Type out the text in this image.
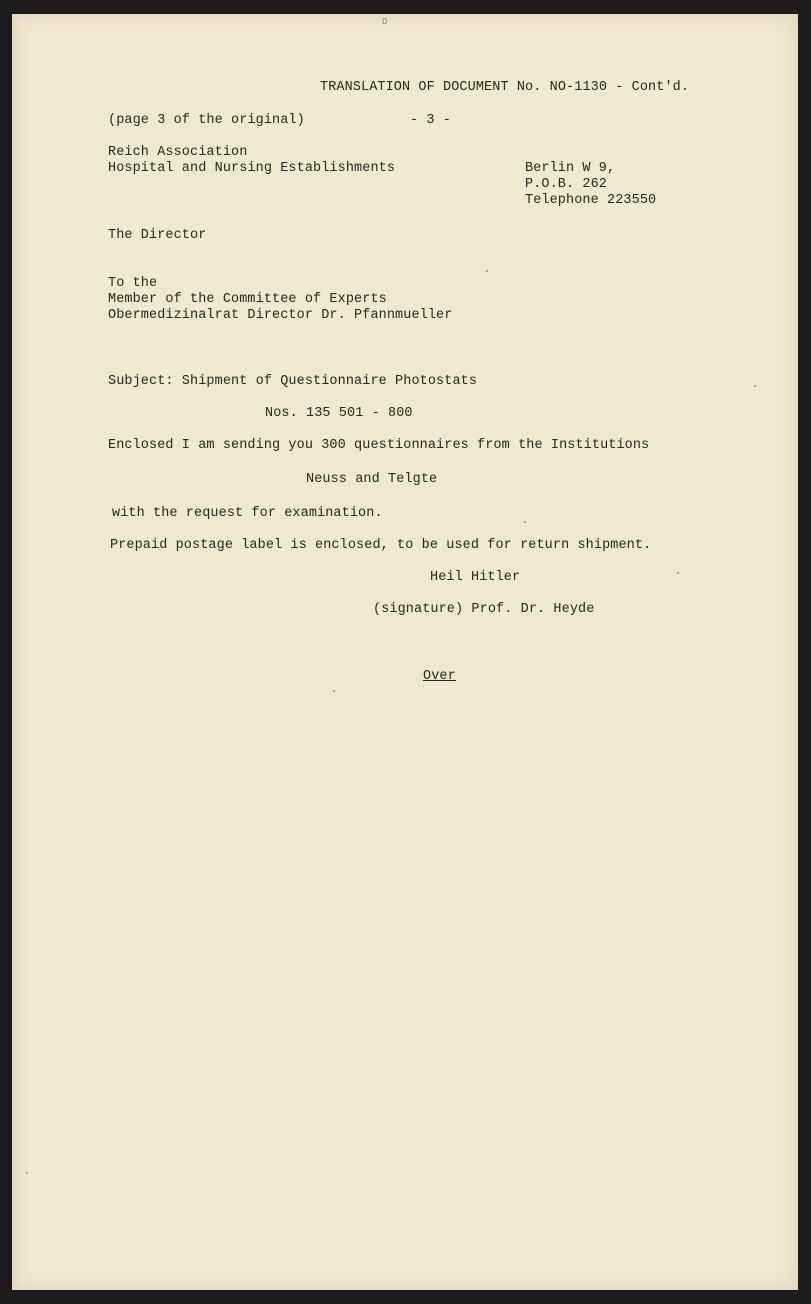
D
TRANSLATION OF DOCUMENT No. NO-1130 - Cont'd.
(page 3 of the original)	- 3 -
Reich Association
Hospital and Nursing Establishments	Berlin W 9,
P.O.B. 262
Telephone 223550
The Director
To the
Member of the Committee of Experts
Obermedizinalrat Director Dr. Pfannmueller
Subject: Shipment of Questionnaire Photostats
Nos. 135 501 - 800
Enclosed I am sending you 300 questionnaires from the Institutions
Neuss and Telgte
with the request for examination.
Prepaid postage label is enclosed, to be used for return shipment.
Heil Hitler
(signature) Prof. Dr. Heyde
Over
